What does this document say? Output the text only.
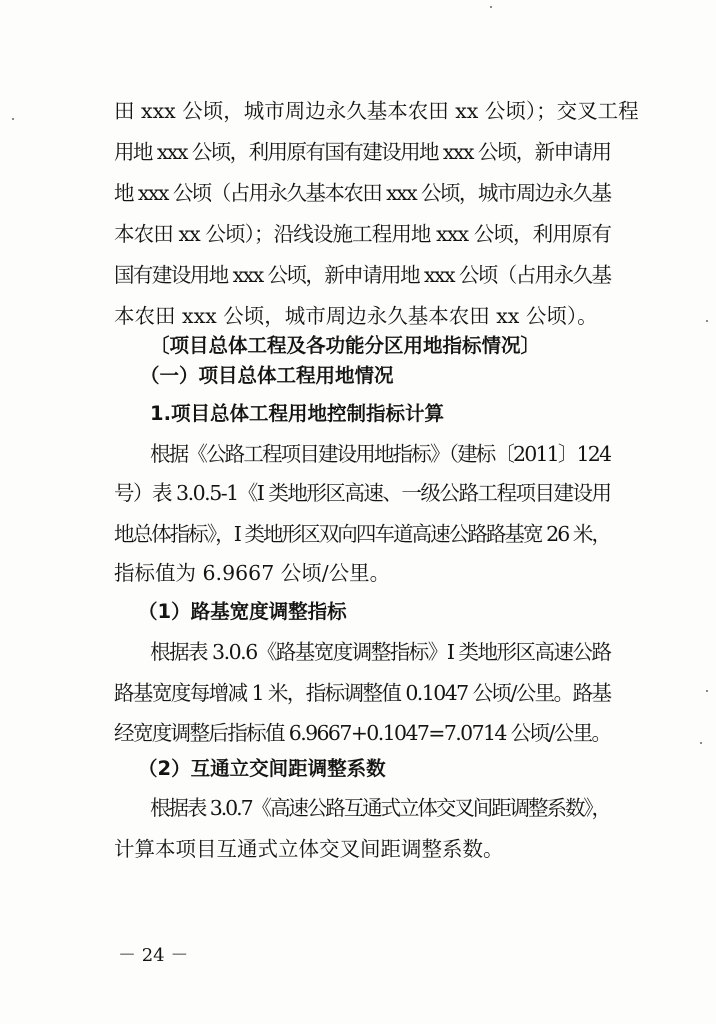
田 xxx 公顷，城市周边永久基本农田 xx 公顷）；交叉工程
用地 xxx 公顷，利用原有国有建设用地 xxx 公顷，新申请用
地 xxx 公顷（占用永久基本农田 xxx 公顷，城市周边永久基
本农田 xx 公顷）；沿线设施工程用地 xxx 公顷，利用原有
国有建设用地 xxx 公顷，新申请用地 xxx 公顷（占用永久基
本农田 xxx 公顷，城市周边永久基本农田 xx 公顷）。
〔项目总体工程及各功能分区用地指标情况〕
（一）项目总体工程用地情况
1.项目总体工程用地控制指标计算
根据《公路工程项目建设用地指标》（建标〔2011〕124
号）表 3.0.5-1《I 类地形区高速、一级公路工程项目建设用
地总体指标》，I 类地形区双向四车道高速公路路基宽 26 米，
指标值为 6.9667 公顷/公里。
（1）路基宽度调整指标
根据表 3.0.6《路基宽度调整指标》I 类地形区高速公路
路基宽度每增减 1 米，指标调整值 0.1047 公顷/公里。路基
经宽度调整后指标值 6.9667+0.1047=7.0714 公顷/公里。
（2）互通立交间距调整系数
根据表 3.0.7《高速公路互通式立体交叉间距调整系数》，
计算本项目互通式立体交叉间距调整系数。
－ 24 －
